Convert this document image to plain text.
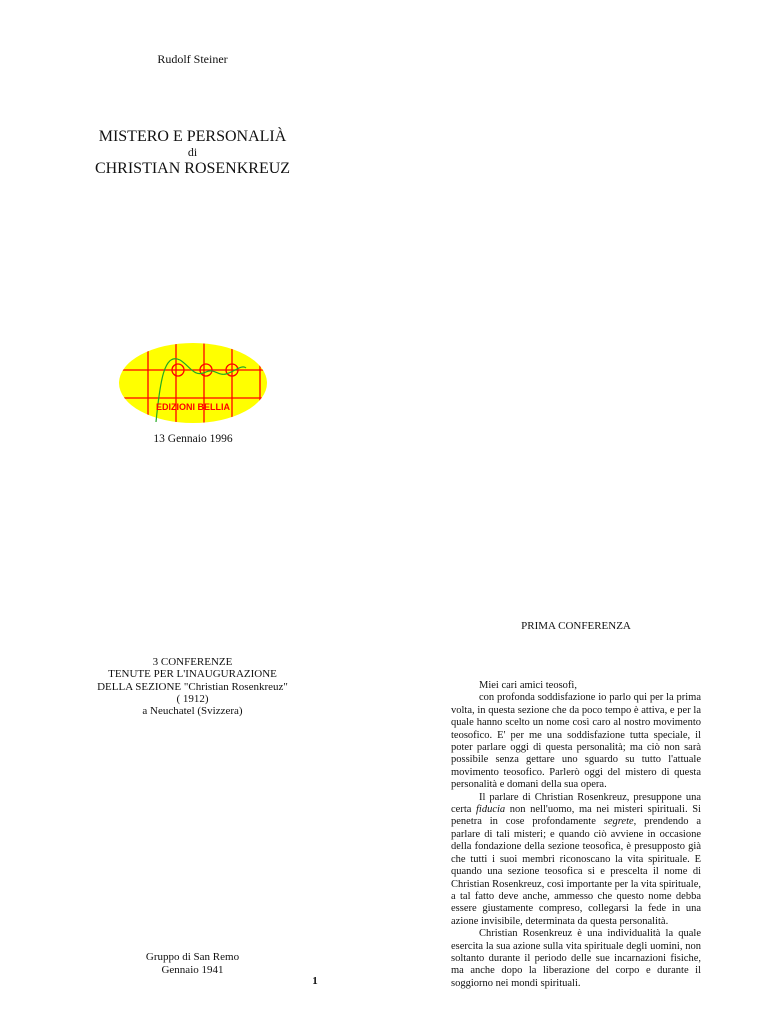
Rudolf Steiner
MISTERO E PERSONALIÀ
di
CHRISTIAN ROSENKREUZ
EDIZIONI BELLIA
13 Gennaio 1996
3 CONFERENZE
TENUTE PER L'INAUGURAZIONE
DELLA SEZIONE "Christian Rosenkreuz"
( 1912)
a Neuchatel (Svizzera)
Gruppo di San Remo
Gennaio 1941
1
PRIMA CONFERENZA

Miei cari amici teosofi,

con profonda soddisfazione io parlo qui per la prima volta, in questa sezione che da poco tempo è attiva, e per la quale hanno scelto un nome così caro al nostro movimento teosofico. E' per me una soddisfazione tutta speciale, il poter parlare oggi di questa personalità; ma ciò non sarà possibile senza gettare uno sguardo su tutto l'attuale movimento teosofico. Parlerò oggi del mistero di questa personalità e domani della sua opera.

Il parlare di Christian Rosenkreuz, presuppone una certa fiducia non nell'uomo, ma nei misteri spirituali. Si penetra in cose profondamente segrete, prendendo a parlare di tali misteri; e quando ciò avviene in occasione della fondazione della sezione teosofica, è presupposto già che tutti i suoi membri riconoscano la vita spirituale. E quando una sezione teosofica si e prescelta il nome di Christian Rosenkreuz, così importante per la vita spirituale, a tal fatto deve anche, ammesso che questo nome debba essere giustamente compreso, collegarsi la fede in una azione invisibile, determinata da questa personalità.

Christian Rosenkreuz è una individualità la quale esercita la sua azione sulla vita spirituale degli uomini, non soltanto durante il periodo delle sue incarnazioni fisiche, ma anche dopo la liberazione del corpo e durante il soggiorno nei mondi spirituali.
